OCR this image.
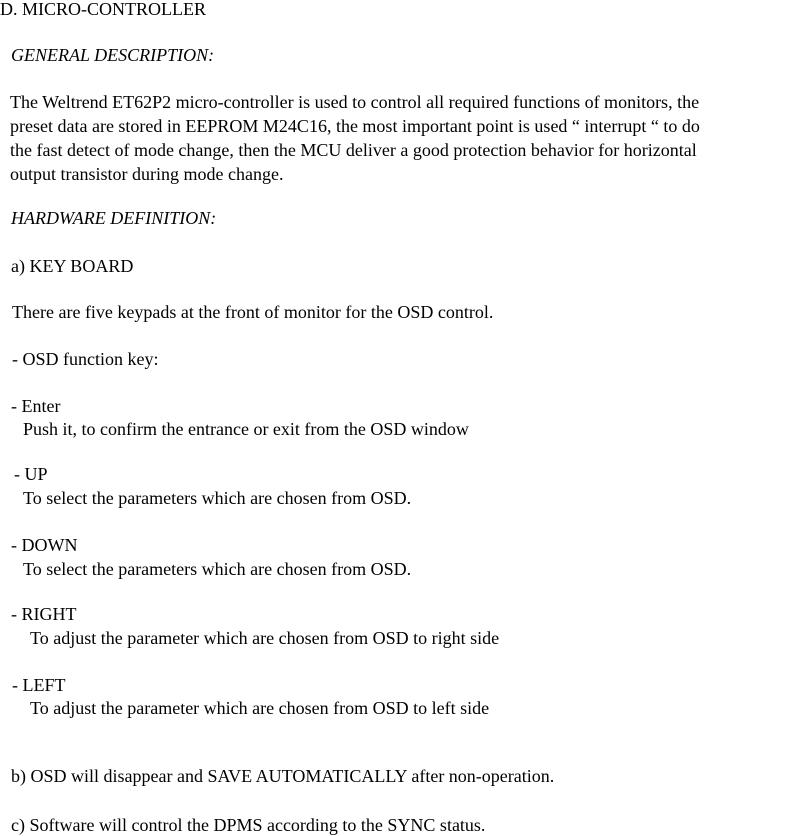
D. MICRO-CONTROLLER
GENERAL DESCRIPTION:
The Weltrend ET62P2 micro-controller is used to control all required functions of monitors, the
preset data are stored in EEPROM M24C16, the most important point is used “ interrupt “ to do
the fast detect of mode change, then the MCU deliver a good protection behavior for horizontal
output transistor during mode change.
HARDWARE DEFINITION:
a) KEY BOARD
There are five keypads at the front of monitor for the OSD control.
- OSD function key:
- Enter
Push it, to confirm the entrance or exit from the OSD window
- UP
To select the parameters which are chosen from OSD.
- DOWN
To select the parameters which are chosen from OSD.
- RIGHT
To adjust the parameter which are chosen from OSD to right side
- LEFT
To adjust the parameter which are chosen from OSD to left side
b) OSD will disappear and SAVE AUTOMATICALLY after non-operation.
c) Software will control the DPMS according to the SYNC status.
